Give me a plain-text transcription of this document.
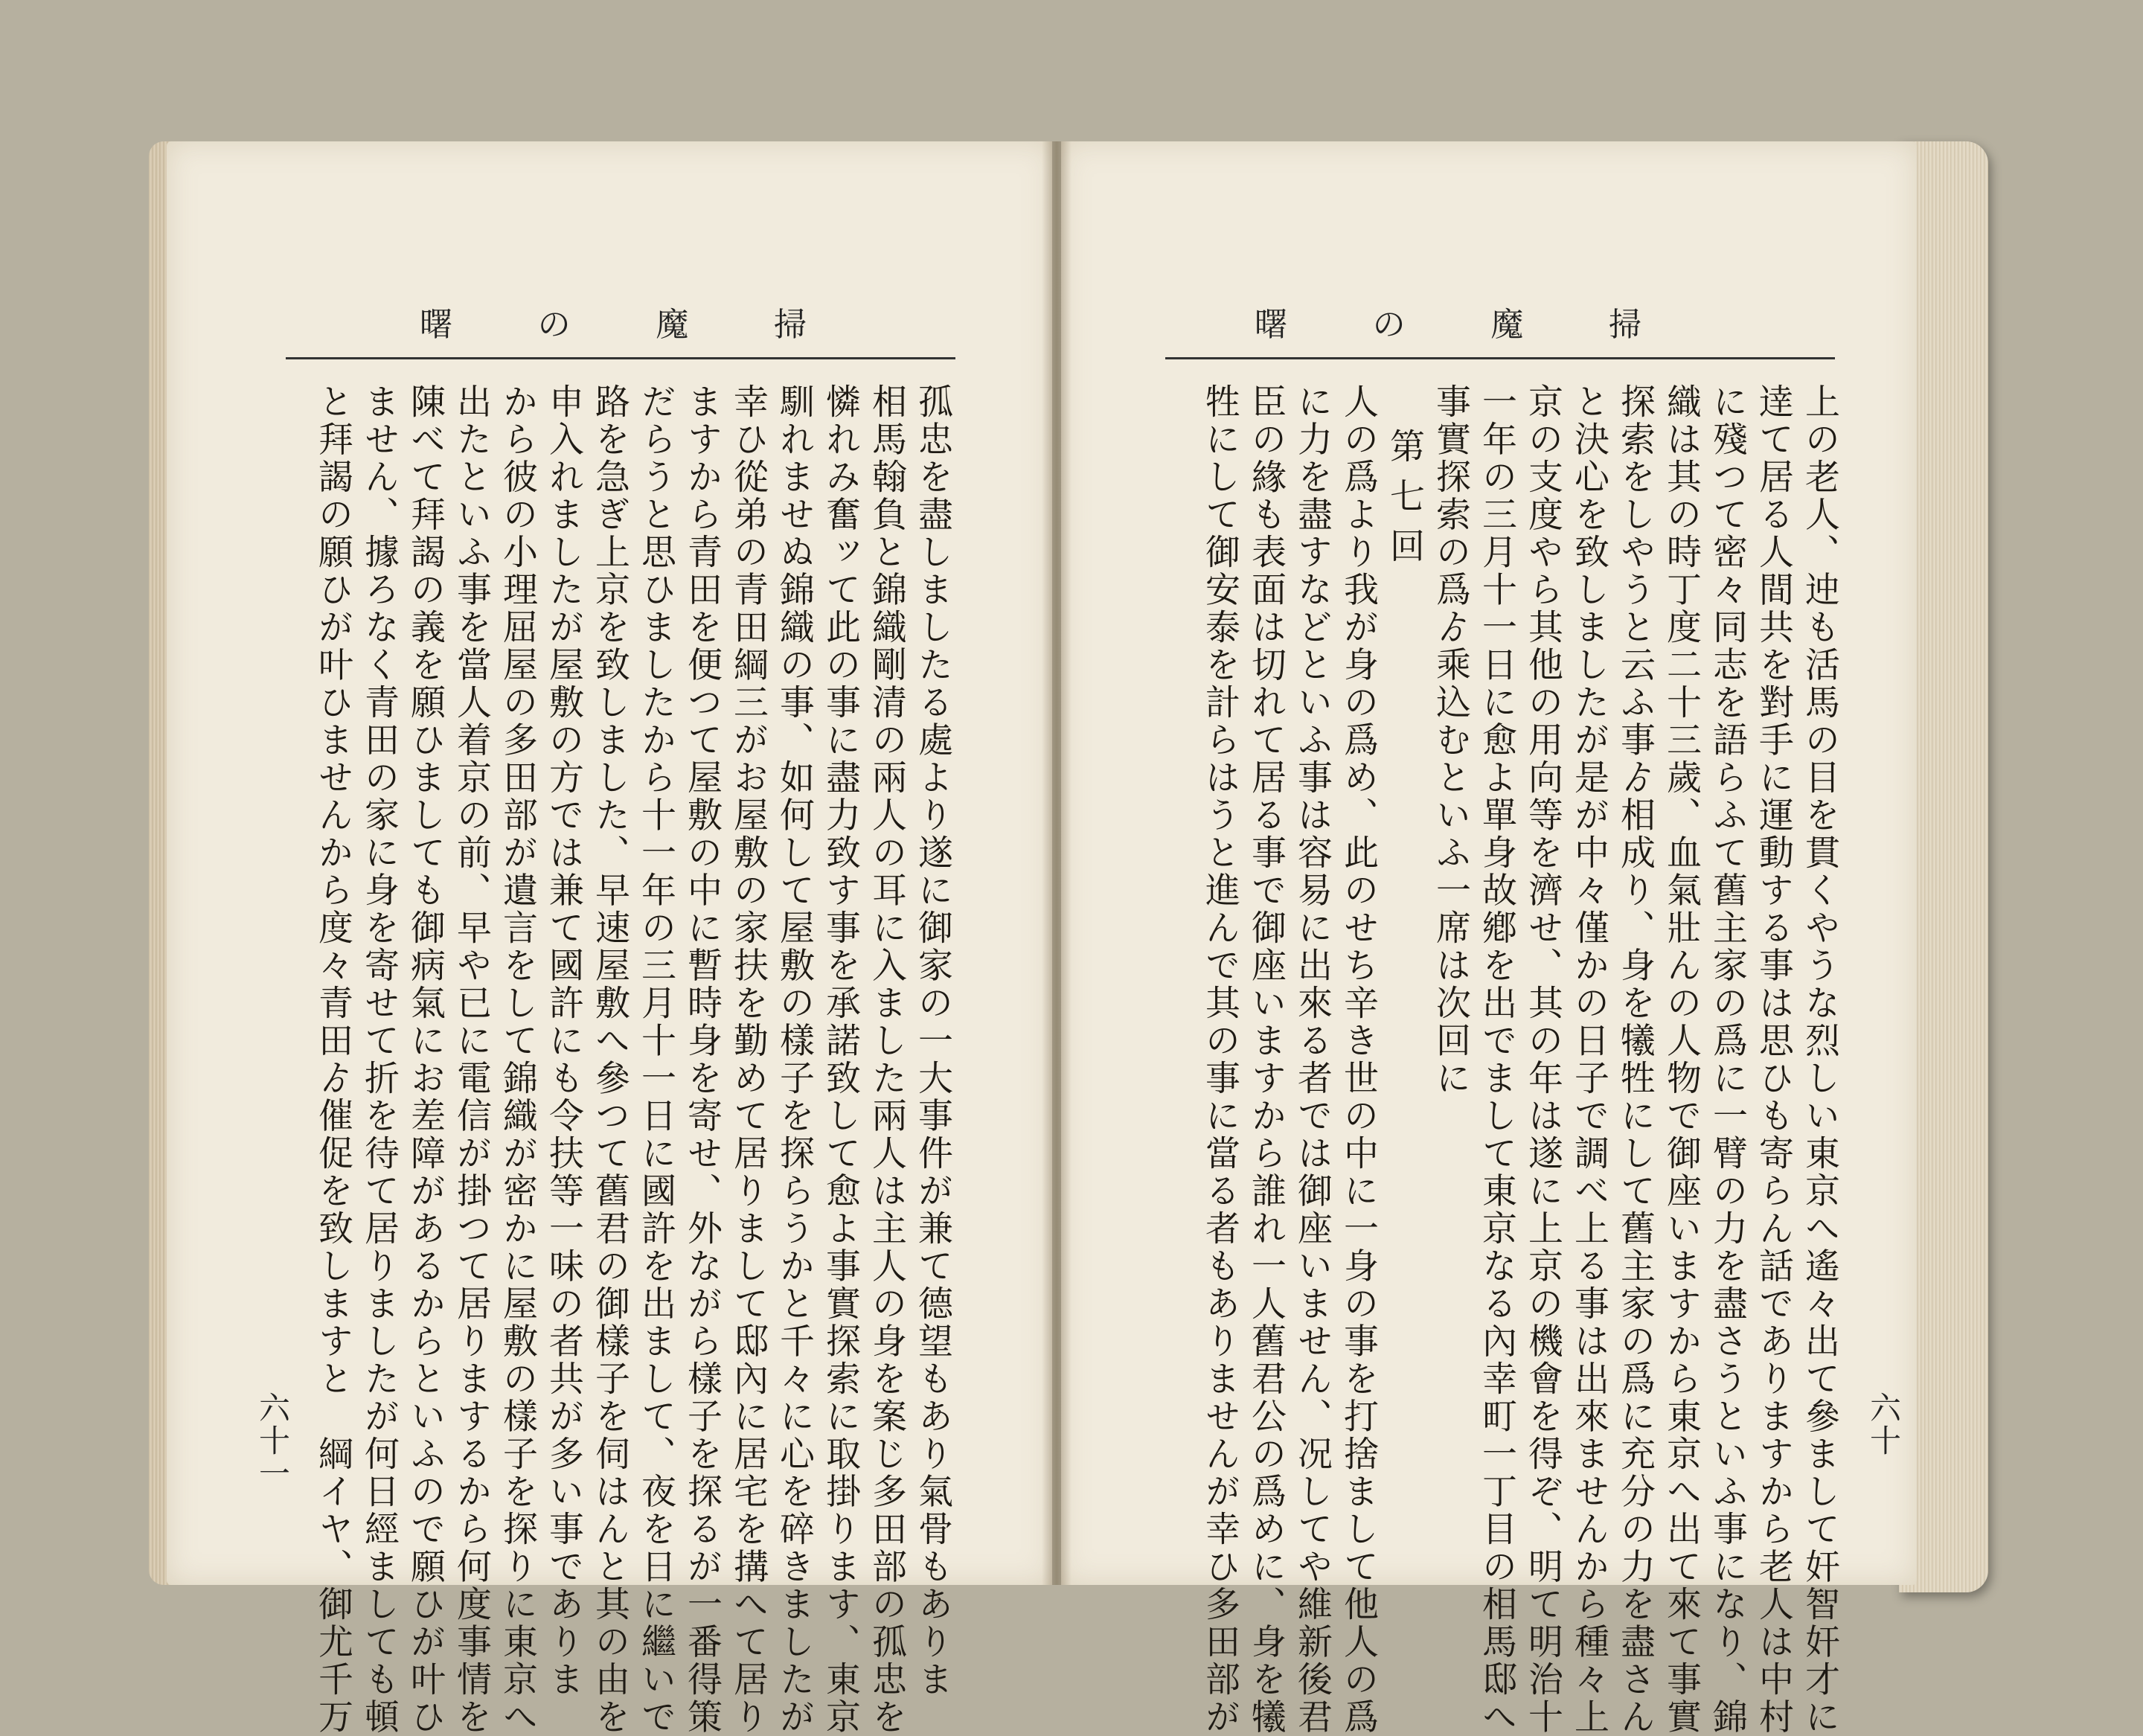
曙	の	魔	掃

孤忠を盡しましたる處より遂に御家の一大事件が兼て德望もあり氣骨もありま

相馬翰負と錦織剛清の兩人の耳に入ました兩人は主人の身を案じ多田部の孤忠を

憐れみ奮ッて此の事に盡力致す事を承諾致して愈よ事實探索に取掛ります、東京

馴れませぬ錦織の事、如何して屋敷の樣子を探らうかと千々に心を碎きましたが

幸ひ從弟の青田綱三がお屋敷の家扶を勤めて居りまして邸內に居宅を搆へて居り

ますから青田を便つて屋敷の中に暫時身を寄せ、外ながら樣子を探るが一番得策

だらうと思ひましたから十一年の三月十一日に國許を出まして、夜を日に繼いで

路を急ぎ上京を致しました、早速屋敷へ參つて舊君の御樣子を伺はんと其の由を

申入れましたが屋敷の方では兼て國許にも令扶等一味の者共が多い事でありま

から彼の小理屈屋の多田部が遺言をして錦織が密かに屋敷の樣子を探りに東京へ

出たといふ事を當人着京の前、早や已に電信が掛つて居りまするから何度事情を

陳べて拜謁の義を願ひましても御病氣にお差障があるからといふので願ひが叶ひ

ません、據ろなく青田の家に身を寄せて折を待て居りましたが何日經ましても頓

と拜謁の願ひが叶ひませんから度々青田ゟ催促を致しますと　綱イヤ、御尤千万

六十一
曙	の	魔	掃

上の老人、迚も活馬の目を貫くやうな烈しい東京へ遙々出て參まして奸智奸才に

逹て居る人間共を對手に運動する事は思ひも寄らん話でありますから老人は中村

に殘つて密々同志を語らふて舊主家の爲に一臂の力を盡さうといふ事になり、錦

織は其の時丁度二十三歲、血氣壯んの人物で御座いますから東京へ出て來て事實

探索をしやうと云ふ事ゟ相成り、身を犧牲にして舊主家の爲に充分の力を盡さん

と決心を致しましたが是が中々僅かの日子で調べ上る事は出來ませんから種々上

京の支度やら其他の用向等を濟せ、其の年は遂に上京の機會を得ぞ、明て明治十

一年の三月十一日に愈よ單身故鄕を出でまして東京なる內幸町一丁目の相馬邸へ

事實探索の爲ゟ乘込むといふ一席は次回に

第七回

人の爲より我が身の爲め、此のせち辛き世の中に一身の事を打捨まして他人の爲

に力を盡すなどといふ事は容易に出來る者では御座いません、况してや維新後君

臣の緣も表面は切れて居る事で御座いますから誰れ一人舊君公の爲めに、身を犧

牲にして御安泰を計らはうと進んで其の事に當る者もありませんが幸ひ多田部が	六十
